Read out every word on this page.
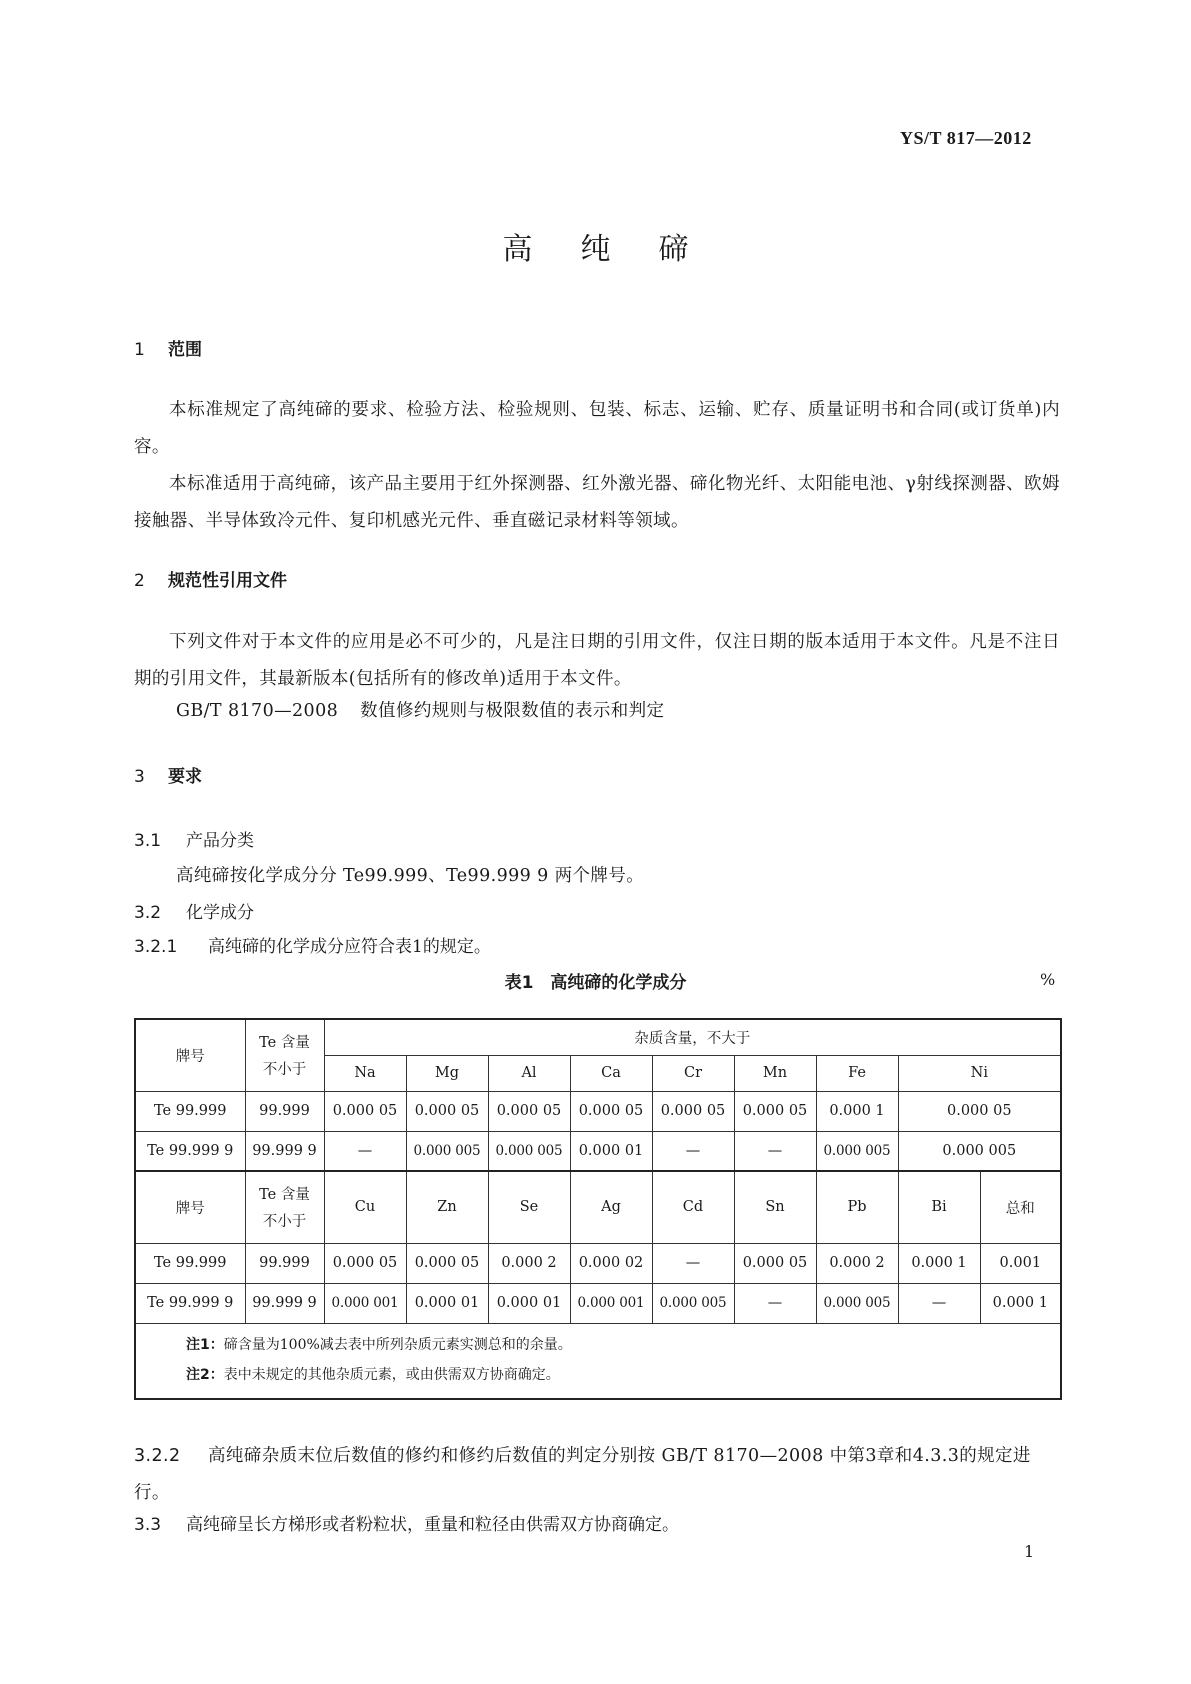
YS/T 817—2012
高纯碲
1 范围
本标准规定了高纯碲的要求、检验方法、检验规则、包装、标志、运输、贮存、质量证明书和合同(或订货单)内容。
本标准适用于高纯碲，该产品主要用于红外探测器、红外激光器、碲化物光纤、太阳能电池、γ射线探测器、欧姆接触器、半导体致冷元件、复印机感光元件、垂直磁记录材料等领域。
2 规范性引用文件
下列文件对于本文件的应用是必不可少的，凡是注日期的引用文件，仅注日期的版本适用于本文件。凡是不注日期的引用文件，其最新版本(包括所有的修改单)适用于本文件。
GB/T 8170—2008 数值修约规则与极限数值的表示和判定
3 要求
3.1 产品分类
高纯碲按化学成分分 Te99.999、Te99.999 9 两个牌号。
3.2 化学成分
3.2.1 高纯碲的化学成分应符合表1的规定。
表1　高纯碲的化学成分	%
牌号	Te 含量
不小于	杂质含量，不大于								
		Na	Mg	Al	Ca	Cr	Mn	Fe	Ni	
Te 99.999	99.999	0.000 05	0.000 05	0.000 05	0.000 05	0.000 05	0.000 05	0.000 1	0.000 05	
Te 99.999 9	99.999 9	—	0.000 005	0.000 005	0.000 01	—	—	0.000 005	0.000 005	
牌号	Te 含量
不小于	Cu	Zn	Se	Ag	Cd	Sn	Pb	Bi	总和
Te 99.999	99.999	0.000 05	0.000 05	0.000 2	0.000 02	—	0.000 05	0.000 2	0.000 1	0.001
Te 99.999 9	99.999 9	0.000 001	0.000 01	0.000 01	0.000 001	0.000 005	—	0.000 005	—	0.000 1

注1：碲含量为100%减去表中所列杂质元素实测总和的余量。
注2：表中未规定的其他杂质元素，或由供需双方协商确定。										
3.2.2 高纯碲杂质末位后数值的修约和修约后数值的判定分别按 GB/T 8170—2008 中第3章和4.3.3的规定进行。
3.3 高纯碲呈长方梯形或者粉粒状，重量和粒径由供需双方协商确定。
1
